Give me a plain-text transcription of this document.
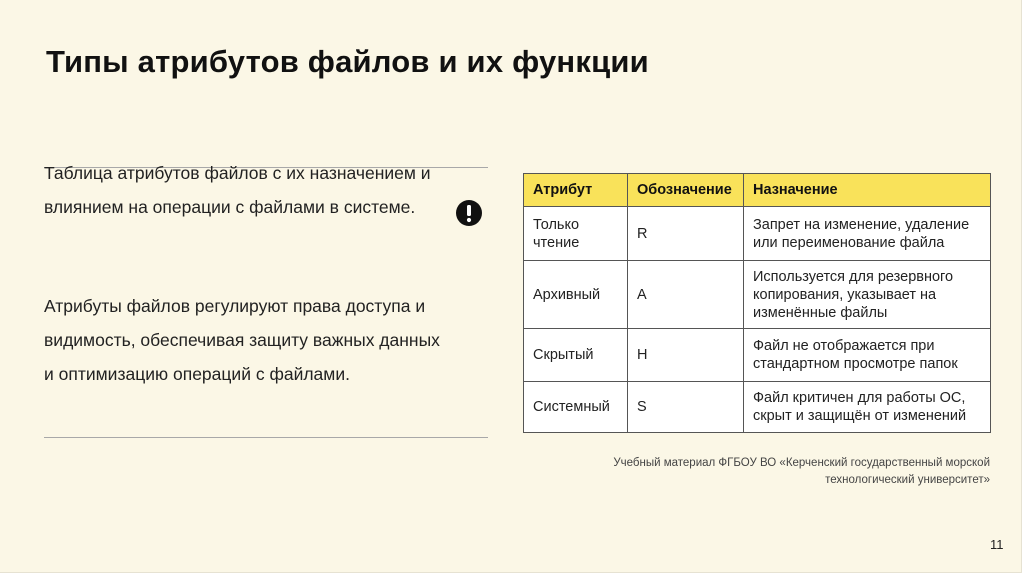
Типы атрибутов файлов и их функции
Таблица атрибутов файлов с их назначением и влиянием на операции с файлами в системе.
Атрибуты файлов регулируют права доступа и видимость, обеспечивая защиту важных данных и оптимизацию операций с файлами.
Атрибут	Обозначение	Назначение
Только чтение	R	Запрет на изменение, удаление или переименование файла
Архивный	A	Используется для резервного копирования, указывает на изменённые файлы
Скрытый	H	Файл не отображается при стандартном просмотре папок
Системный	S	Файл критичен для работы ОС, скрыт и защищён от изменений
Учебный материал ФГБОУ ВО «Керченский государственный морской технологический университет»
11
